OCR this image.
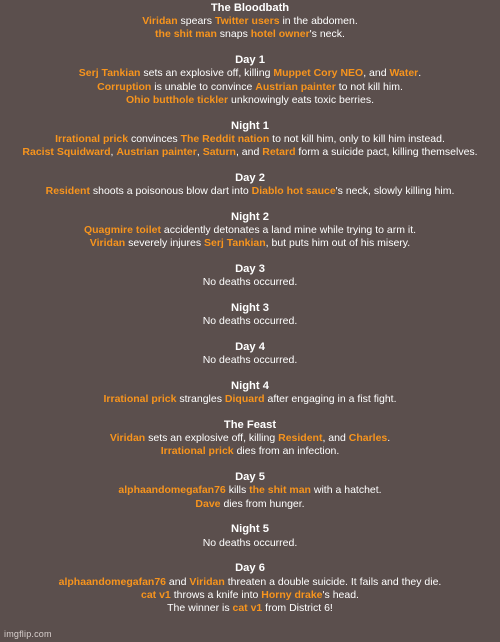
The Bloodbath
Viridan spears Twitter users in the abdomen.
the shit man snaps hotel owner's neck.
Day 1
Serj Tankian sets an explosive off, killing Muppet Cory NEO, and Water.
Corruption is unable to convince Austrian painter to not kill him.
Ohio butthole tickler unknowingly eats toxic berries.
Night 1
Irrational prick convinces The Reddit nation to not kill him, only to kill him instead.
Racist Squidward, Austrian painter, Saturn, and Retard form a suicide pact, killing themselves.
Day 2
Resident shoots a poisonous blow dart into Diablo hot sauce's neck, slowly killing him.
Night 2
Quagmire toilet accidently detonates a land mine while trying to arm it.
Viridan severely injures Serj Tankian, but puts him out of his misery.
Day 3
No deaths occurred.
Night 3
No deaths occurred.
Day 4
No deaths occurred.
Night 4
Irrational prick strangles Diquard after engaging in a fist fight.
The Feast
Viridan sets an explosive off, killing Resident, and Charles.
Irrational prick dies from an infection.
Day 5
alphaandomegafan76 kills the shit man with a hatchet.
Dave dies from hunger.
Night 5
No deaths occurred.
Day 6
alphaandomegafan76 and Viridan threaten a double suicide. It fails and they die.
cat v1 throws a knife into Horny drake's head.
The winner is cat v1 from District 6!
imgflip.com
